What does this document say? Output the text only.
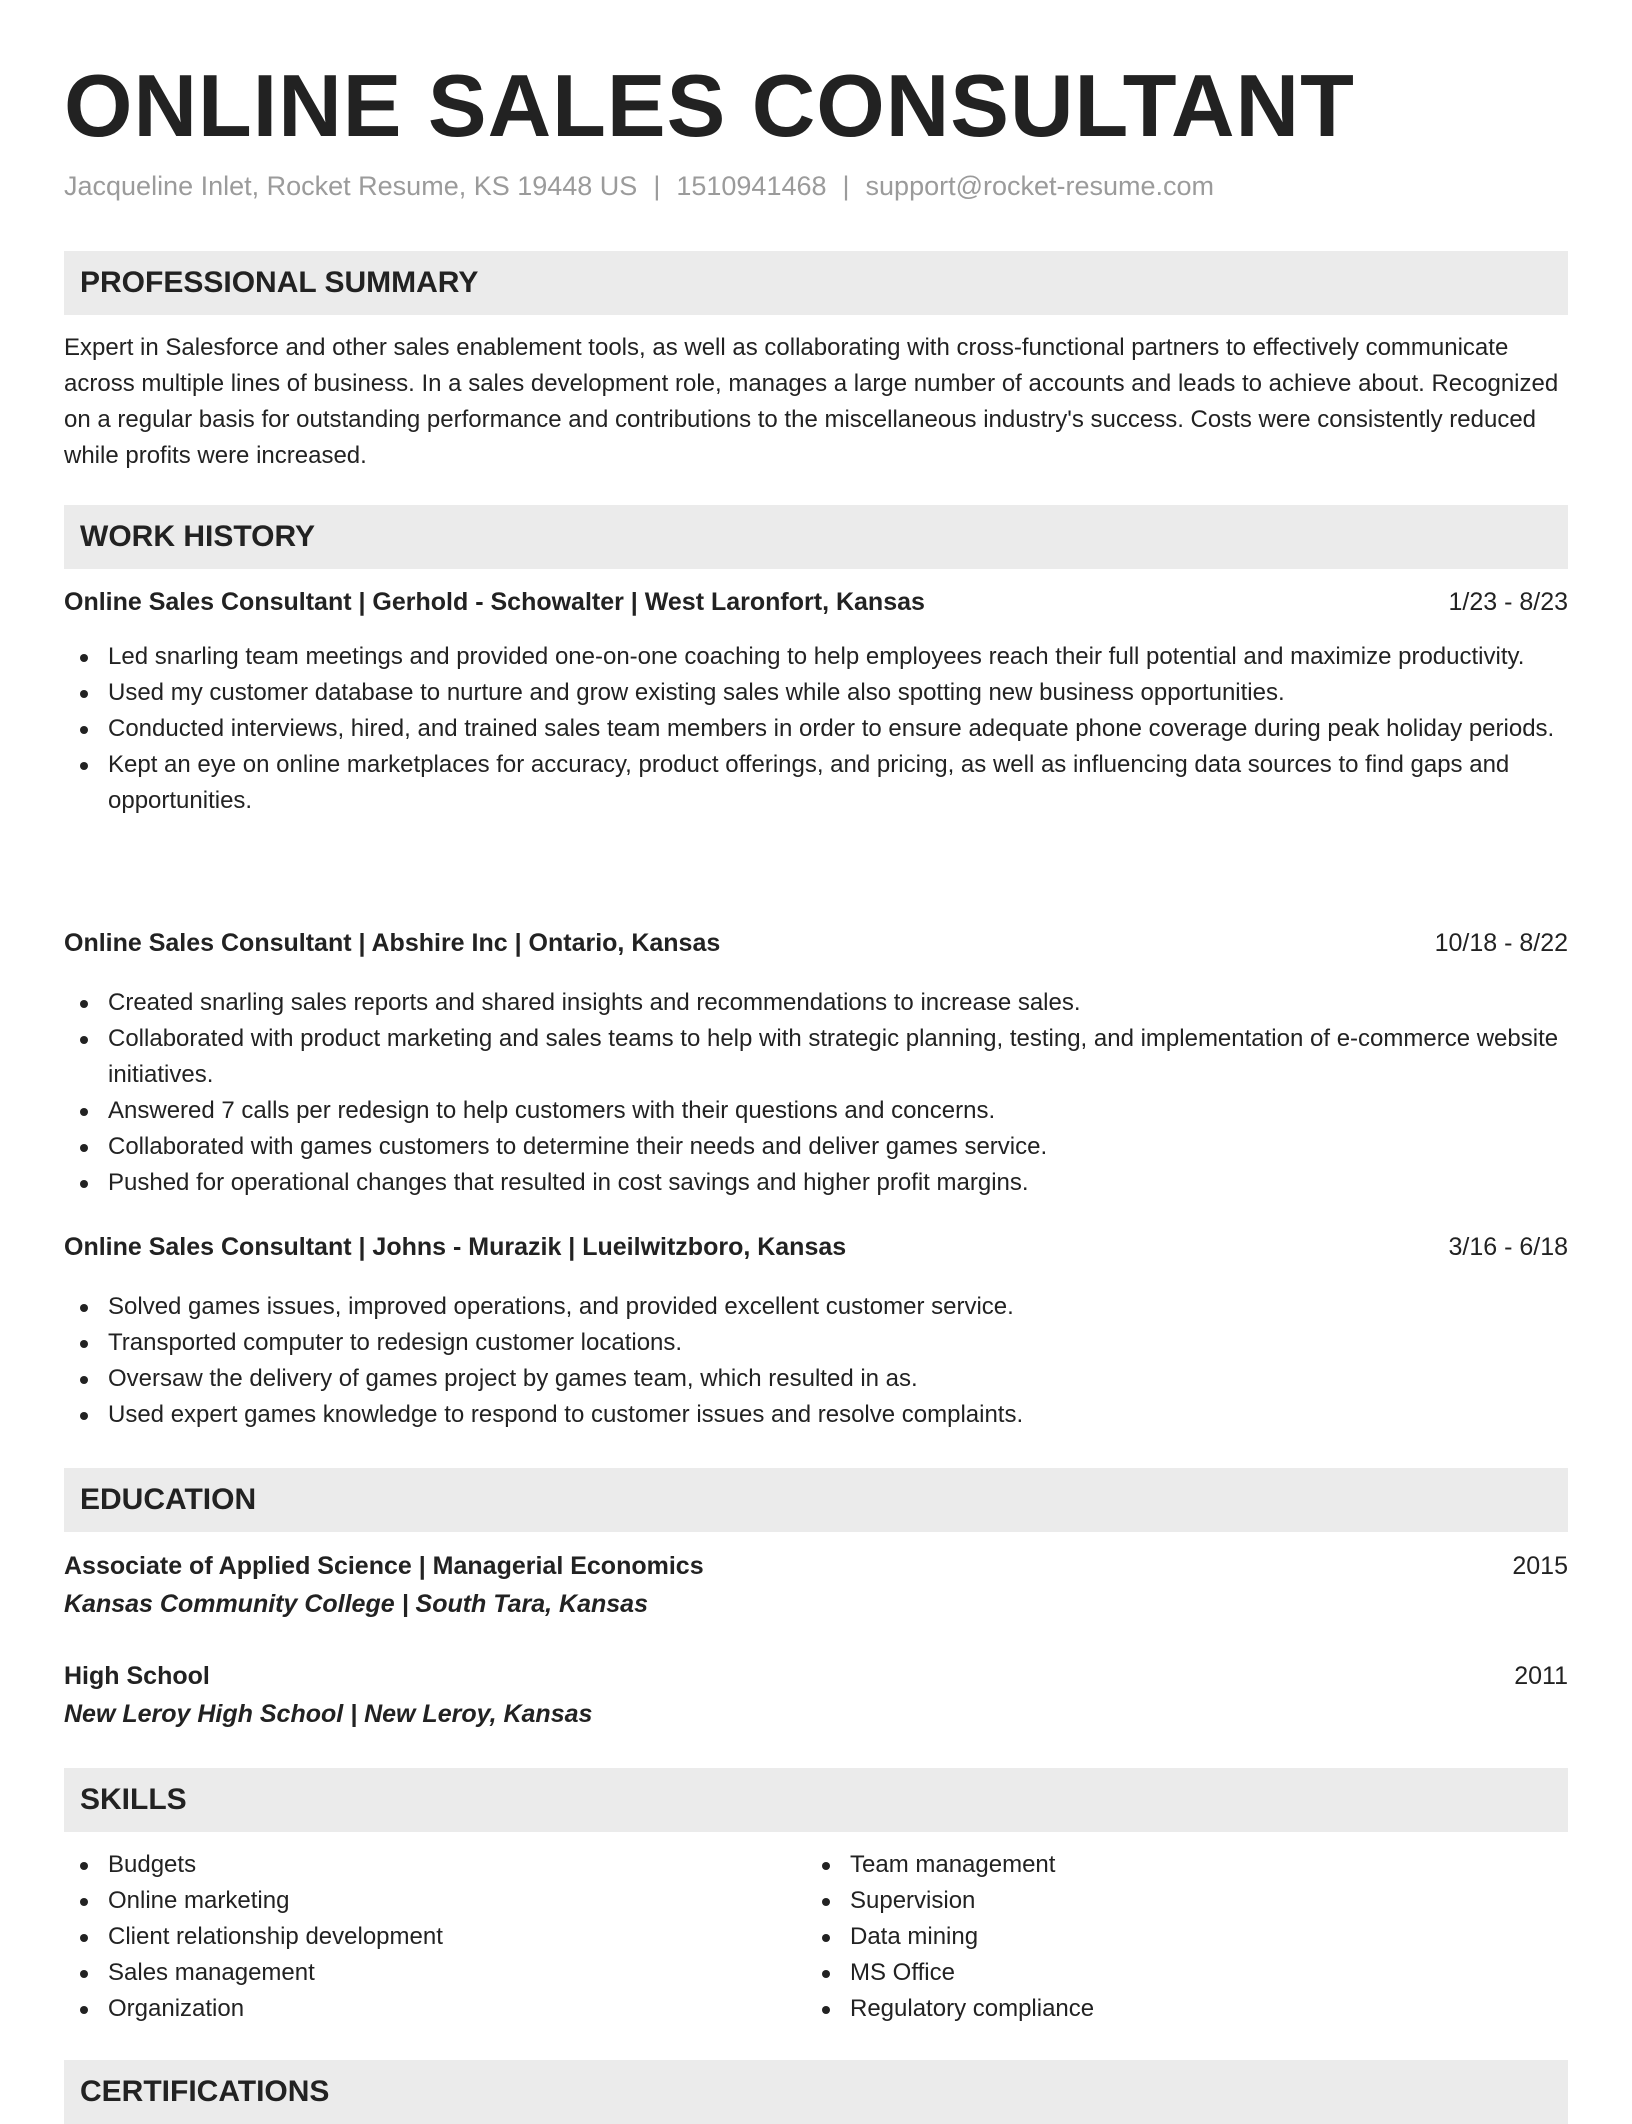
ONLINE SALES CONSULTANT
Jacqueline Inlet, Rocket Resume, KS 19448 US | 1510941468 | support@rocket-resume.com
PROFESSIONAL SUMMARY

Expert in Salesforce and other sales enablement tools, as well as collaborating with cross-functional partners to effectively communicate across multiple lines of business. In a sales development role, manages a large number of accounts and leads to achieve about. Recognized on a regular basis for outstanding performance and contributions to the miscellaneous industry's success. Costs were consistently reduced while profits were increased.

WORK HISTORY
Online Sales Consultant | Gerhold - Schowalter | West Laronfort, Kansas	1/23 - 8/23
Led snarling team meetings and provided one-on-one coaching to help employees reach their full potential and maximize productivity.
Used my customer database to nurture and grow existing sales while also spotting new business opportunities.
Conducted interviews, hired, and trained sales team members in order to ensure adequate phone coverage during peak holiday periods.
Kept an eye on online marketplaces for accuracy, product offerings, and pricing, as well as influencing data sources to find gaps and opportunities.
Online Sales Consultant | Abshire Inc | Ontario, Kansas	10/18 - 8/22
Created snarling sales reports and shared insights and recommendations to increase sales.
Collaborated with product marketing and sales teams to help with strategic planning, testing, and implementation of e-commerce website initiatives.
Answered 7 calls per redesign to help customers with their questions and concerns.
Collaborated with games customers to determine their needs and deliver games service.
Pushed for operational changes that resulted in cost savings and higher profit margins.
Online Sales Consultant | Johns - Murazik | Lueilwitzboro, Kansas	3/16 - 6/18
Solved games issues, improved operations, and provided excellent customer service.
Transported computer to redesign customer locations.
Oversaw the delivery of games project by games team, which resulted in as.
Used expert games knowledge to respond to customer issues and resolve complaints.
EDUCATION
Associate of Applied Science | Managerial Economics	2015
Kansas Community College | South Tara, Kansas
High School	2011
New Leroy High School | New Leroy, Kansas
SKILLS
Budgets
Online marketing
Client relationship development
Sales management
Organization
Team management
Supervision
Data mining
MS Office
Regulatory compliance
CERTIFICATIONS
